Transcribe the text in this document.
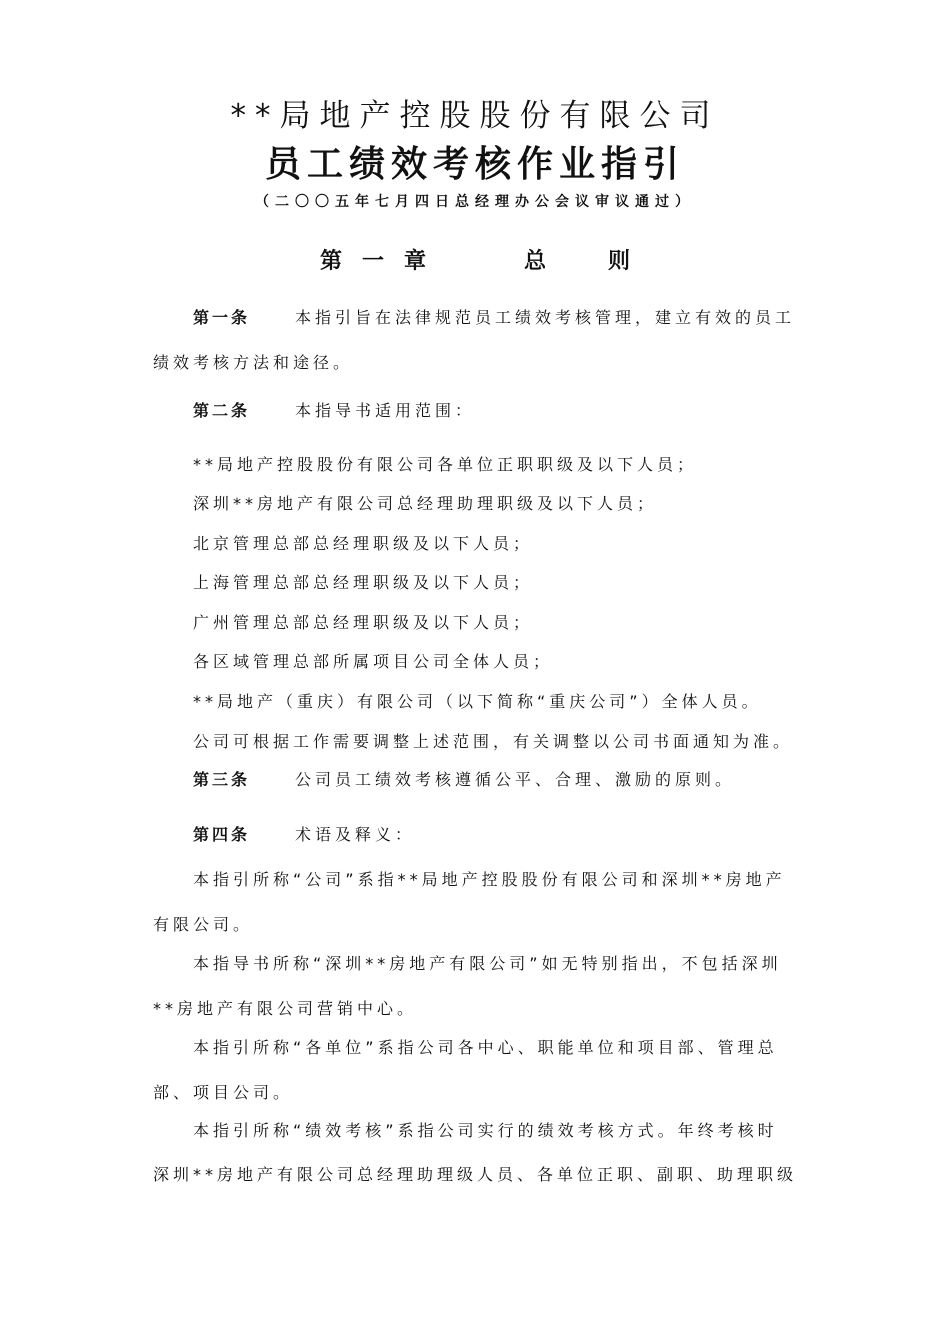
**局地产控股股份有限公司
员工绩效考核作业指引
（二〇〇五年七月四日总经理办公会议审议通过）
第一章	总则
第一条	本指引旨在法律规范员工绩效考核管理，建立有效的员工
绩效考核方法和途径。
第二条	本指导书适用范围：
**局地产控股股份有限公司各单位正职职级及以下人员；
深圳**房地产有限公司总经理助理职级及以下人员；
北京管理总部总经理职级及以下人员；
上海管理总部总经理职级及以下人员；
广州管理总部总经理职级及以下人员；
各区域管理总部所属项目公司全体人员；
**局地产（重庆）有限公司（以下简称“重庆公司”）全体人员。
公司可根据工作需要调整上述范围，有关调整以公司书面通知为准。
第三条	公司员工绩效考核遵循公平、合理、激励的原则。
第四条	术语及释义：
本指引所称“公司”系指**局地产控股股份有限公司和深圳**房地产
有限公司。
本指导书所称“深圳**房地产有限公司”如无特别指出，不包括深圳
**房地产有限公司营销中心。
本指引所称“各单位”系指公司各中心、职能单位和项目部、管理总
部、项目公司。
本指引所称“绩效考核”系指公司实行的绩效考核方式。年终考核时
深圳**房地产有限公司总经理助理级人员、各单位正职、副职、助理职级
